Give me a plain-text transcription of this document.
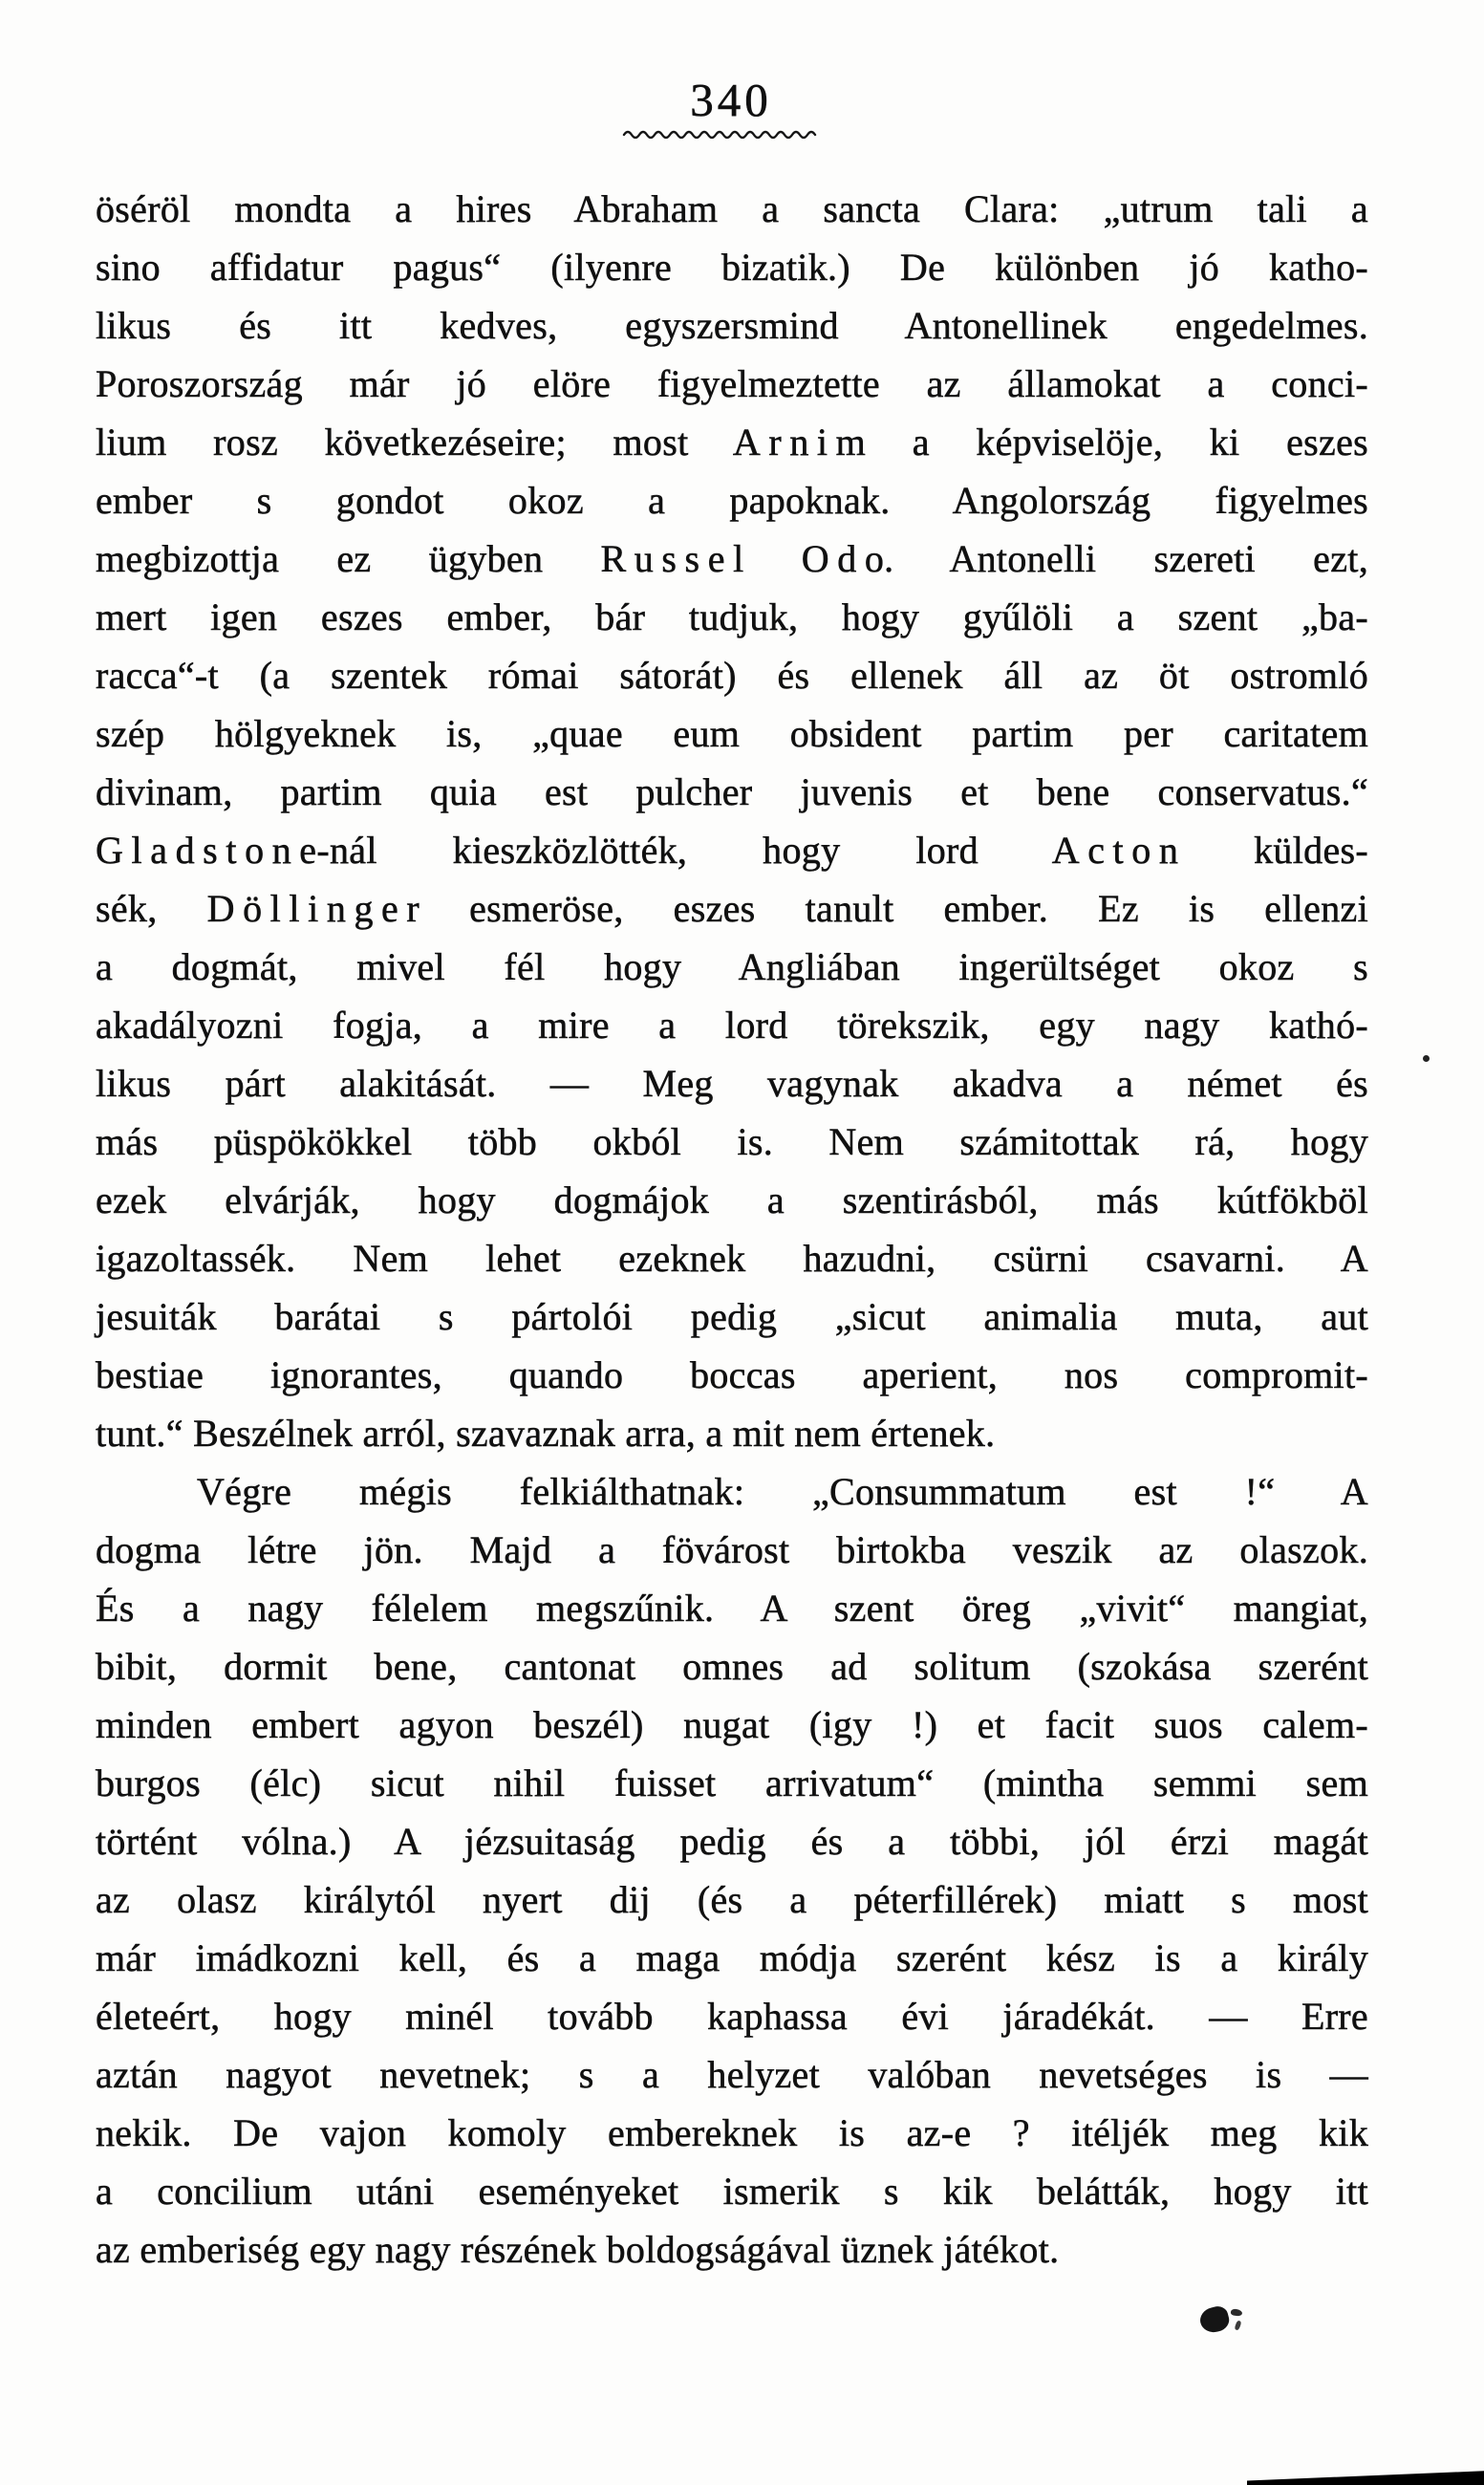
340
öséröl mondta a hires Abraham a sancta Clara: „utrum tali a
sino affidatur pagus“ (ilyenre bizatik.) De különben jó katho-
likus és itt kedves, egyszersmind Antonellinek engedelmes.
Poroszország már jó elöre figyelmeztette az államokat a conci-
lium rosz következéseire; most A r n i m a képviselöje, ki eszes
ember s gondot okoz a papoknak. Angolország figyelmes
megbizottja ez ügyben R u s s e l O d o. Antonelli szereti ezt,
mert igen eszes ember, bár tudjuk, hogy gyűlöli a szent „ba-
racca“-t (a szentek római sátorát) és ellenek áll az öt ostromló
szép hölgyeknek is, „quae eum obsident partim per caritatem
divinam, partim quia est pulcher juvenis et bene conservatus.“
G l a d s t o n e-nál kieszközlötték, hogy lord A c t o n küldes-
sék, D ö l l i n g e r esmeröse, eszes tanult ember. Ez is ellenzi
a dogmát, mivel fél hogy Angliában ingerültséget okoz s
akadályozni fogja, a mire a lord törekszik, egy nagy kathó-
likus párt alakitását. — Meg vagynak akadva a német és
más püspökökkel több okból is. Nem számitottak rá, hogy
ezek elvárják, hogy dogmájok a szentirásból, más kútfökböl
igazoltassék. Nem lehet ezeknek hazudni, csürni csavarni. A
jesuiták barátai s pártolói pedig „sicut animalia muta, aut
bestiae ignorantes, quando boccas aperient, nos compromit-
tunt.“ Beszélnek arról, szavaznak arra, a mit nem értenek.
Végre mégis felkiálthatnak: „Consummatum est !“ A
dogma létre jön. Majd a fövárost birtokba veszik az olaszok.
És a nagy félelem megszűnik. A szent öreg „vivit“ mangiat,
bibit, dormit bene, cantonat omnes ad solitum (szokása szerént
minden embert agyon beszél) nugat (igy !) et facit suos calem-
burgos (élc) sicut nihil fuisset arrivatum“ (mintha semmi sem
történt vólna.) A jézsuitaság pedig és a többi, jól érzi magát
az olasz királytól nyert dij (és a péterfillérek) miatt s most
már imádkozni kell, és a maga módja szerént kész is a király
életeért, hogy minél tovább kaphassa évi járadékát. — Erre
aztán nagyot nevetnek; s a helyzet valóban nevetséges is —
nekik. De vajon komoly embereknek is az-e ? itéljék meg kik
a concilium utáni eseményeket ismerik s kik belátták, hogy itt
az emberiség egy nagy részének boldogságával üznek játékot.
